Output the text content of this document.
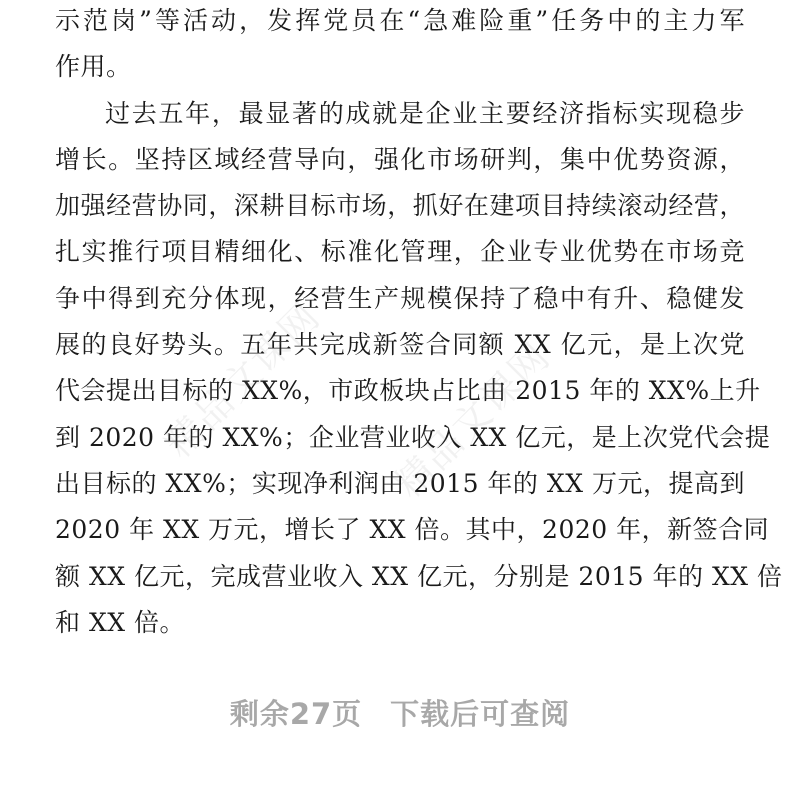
示范岗”等活动，发挥党员在“急难险重”任务中的主力军
作用。
过去五年，最显著的成就是企业主要经济指标实现稳步
增长。坚持区域经营导向，强化市场研判，集中优势资源，
加强经营协同，深耕目标市场，抓好在建项目持续滚动经营，
扎实推行项目精细化、标准化管理，企业专业优势在市场竞
争中得到充分体现，经营生产规模保持了稳中有升、稳健发
展的良好势头。五年共完成新签合同额 XX 亿元，是上次党
代会提出目标的 XX%，市政板块占比由 2015 年的 XX%上升
到 2020 年的 XX%；企业营业收入 XX 亿元，是上次党代会提
出目标的 XX%；实现净利润由 2015 年的 XX 万元，提高到
2020 年 XX 万元，增长了 XX 倍。其中，2020 年，新签合同
额 XX 亿元，完成营业收入 XX 亿元，分别是 2015 年的 XX 倍
和 XX 倍。
精品文课网 精品文课网
剩余27页 下载后可查阅
